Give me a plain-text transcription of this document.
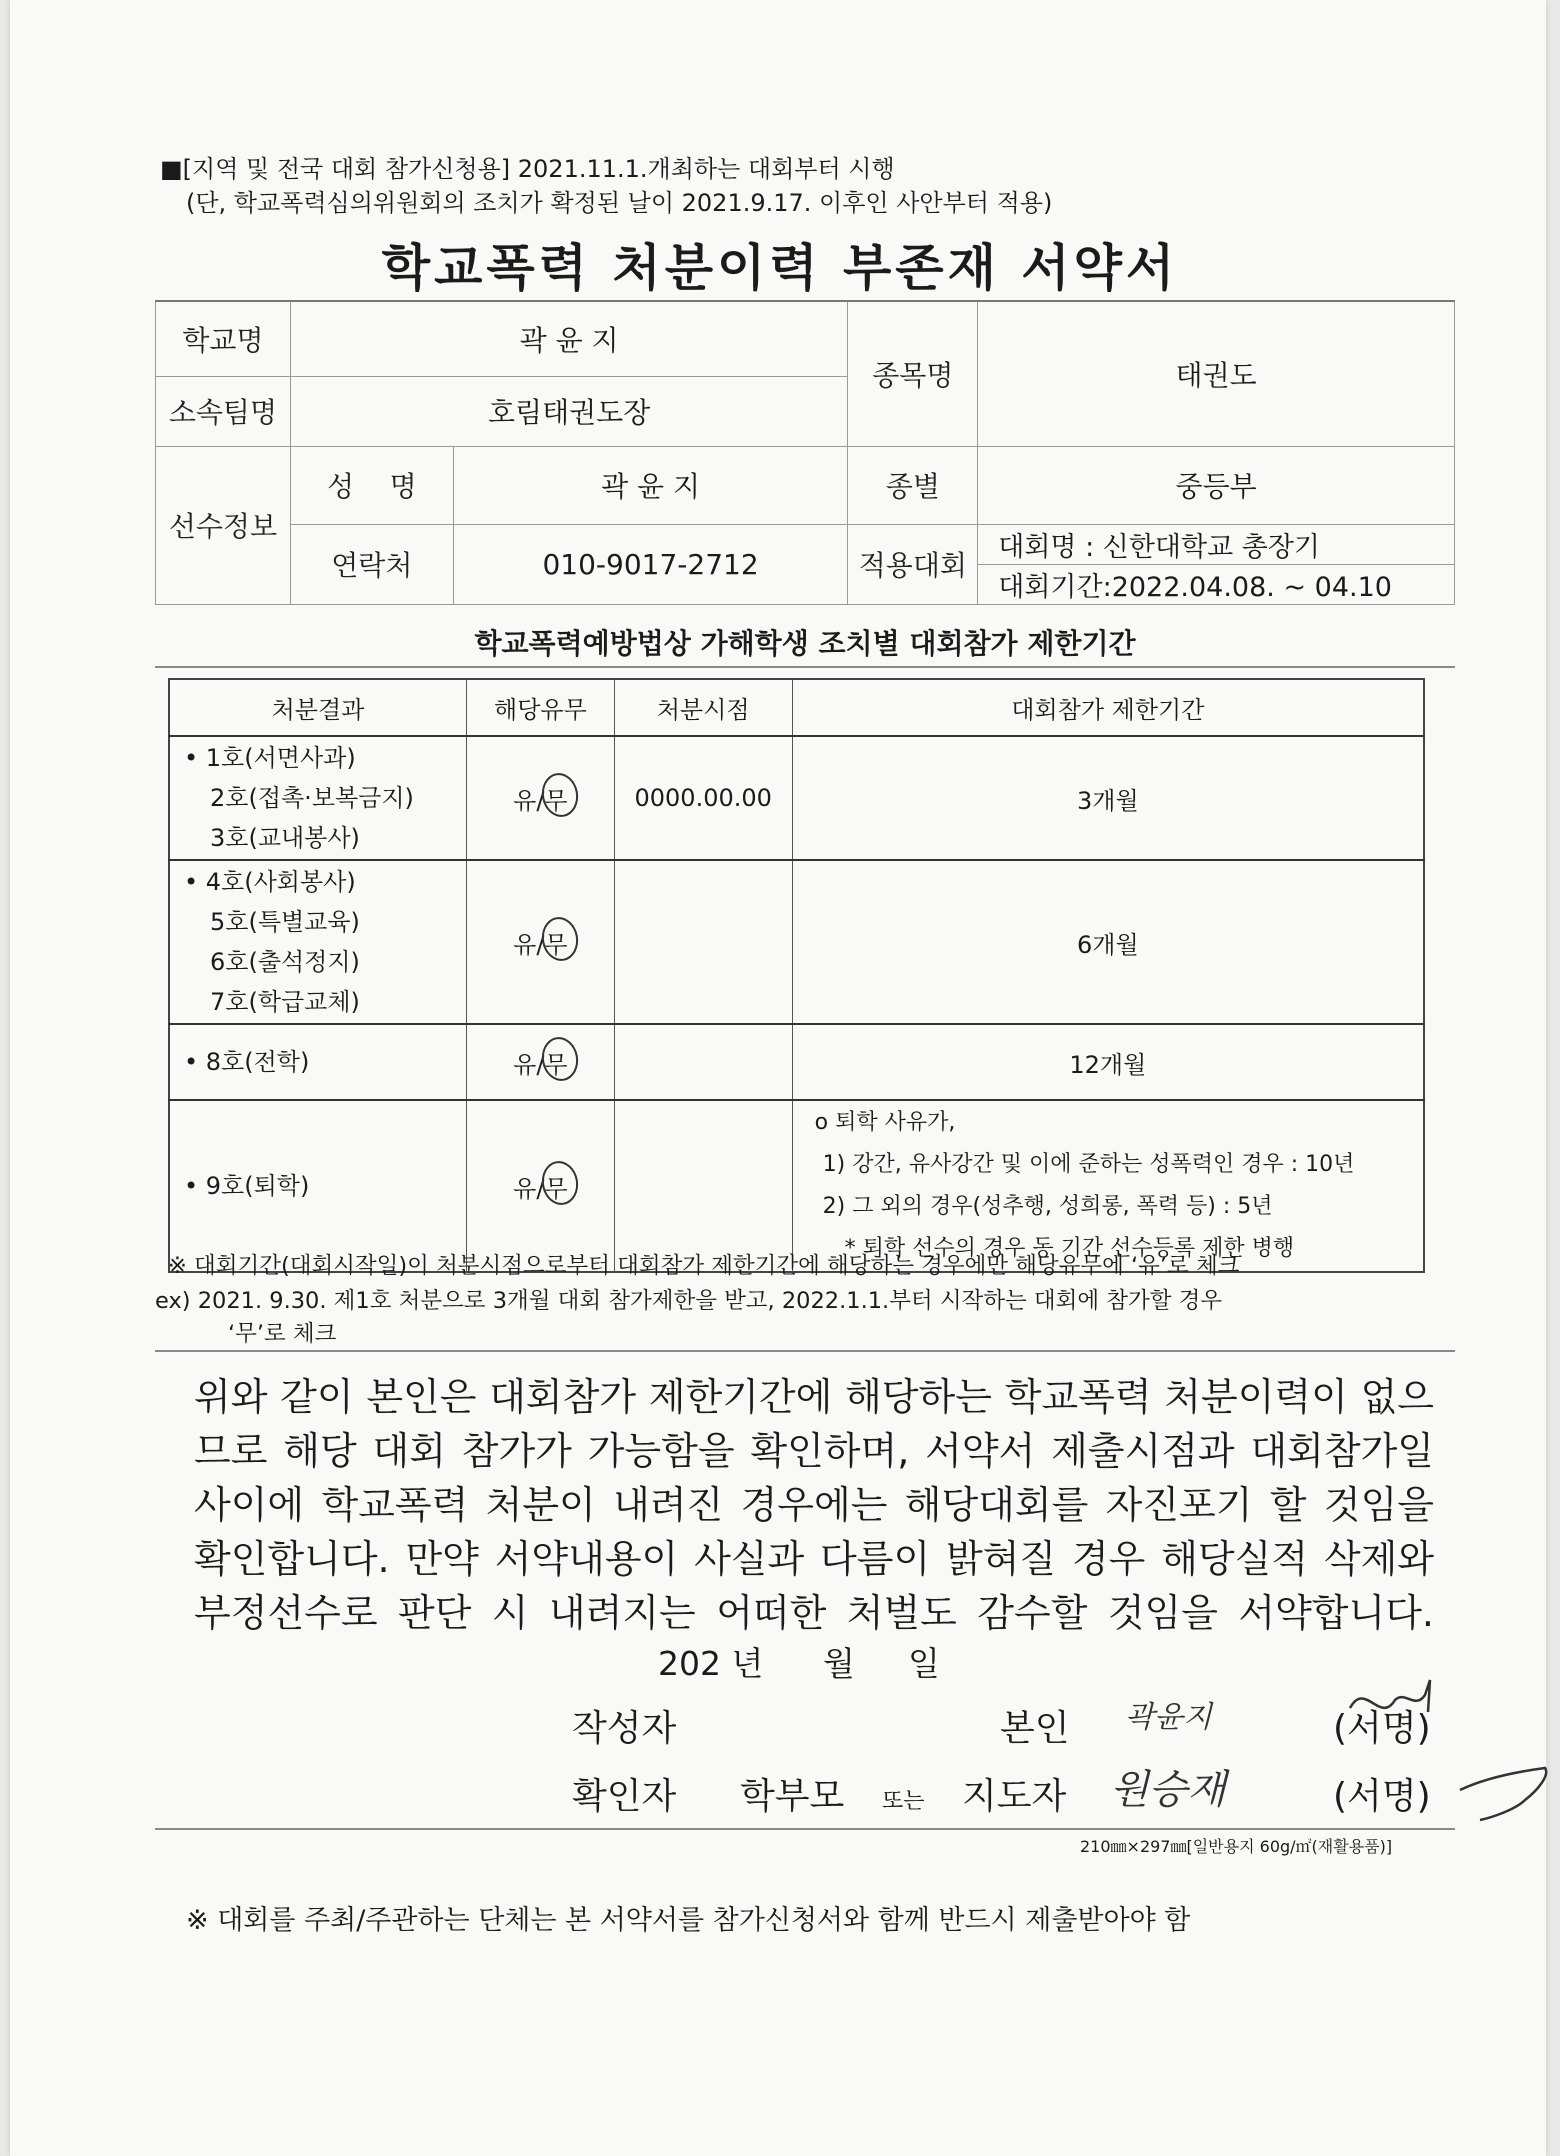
■[지역 및 전국 대회 참가신청용] 2021.11.1.개최하는 대회부터 시행
(단, 학교폭력심의위원회의 조치가 확정된 날이 2021.9.17. 이후인 사안부터 적용)
학교폭력 처분이력 부존재 서약서
학교명	곽 윤 지		종목명	태권도
소속팀명	호림태권도장			
선수정보	성    명	곽 윤 지	종별	중등부
	연락처	010-9017-2712	적용대회	대회명 : 신한대학교 총장기
				대회기간:2022.04.08. ~ 04.10
학교폭력예방법상 가해학생 조치별 대회참가 제한기간
처분결과	해당유무	처분시점	대회참가 제한기간

• 1호(서면사과)
2호(접촉·보복금지)
3호(교내봉사)	유/무	0000.00.00	3개월

• 4호(사회봉사)
5호(특별교육)
6호(출석정지)
7호(학급교체)	유/무		6개월

• 8호(전학)	유/무		12개월

• 9호(퇴학)	유/무		o 퇴학 사유가,
1) 강간, 유사강간 및 이에 준하는 성폭력인 경우 : 10년
2) 그 외의 경우(성추행, 성희롱, 폭력 등) : 5년
* 퇴학 선수의 경우 동 기간 선수등록 제한 병행
※ 대회기간(대회시작일)이 처분시점으로부터 대회참가 제한기간에 해당하는 경우에만 해당유무에 ‘유’로 체크
ex) 2021. 9.30. 제1호 처분으로 3개월 대회 참가제한을 받고, 2022.1.1.부터 시작하는 대회에 참가할 경우
‘무’로 체크

위와 같이 본인은 대회참가 제한기간에 해당하는 학교폭력 처분이력이 없으

므로 해당 대회 참가가 가능함을 확인하며, 서약서 제출시점과 대회참가일

사이에 학교폭력 처분이 내려진 경우에는 해당대회를 자진포기 할 것임을

확인합니다. 만약 서약내용이 사실과 다름이 밝혀질 경우 해당실적 삭제와

부정선수로 판단 시 내려지는 어떠한 처벌도 감수할 것임을 서약합니다.

202 년 월 일
작성자	본인 곽윤지	(서명)
확인자 학부모 또는 지도자 원승재	(서명)
210㎜×297㎜[일반용지 60g/㎡(재활용품)]
※ 대회를 주최/주관하는 단체는 본 서약서를 참가신청서와 함께 반드시 제출받아야 함
